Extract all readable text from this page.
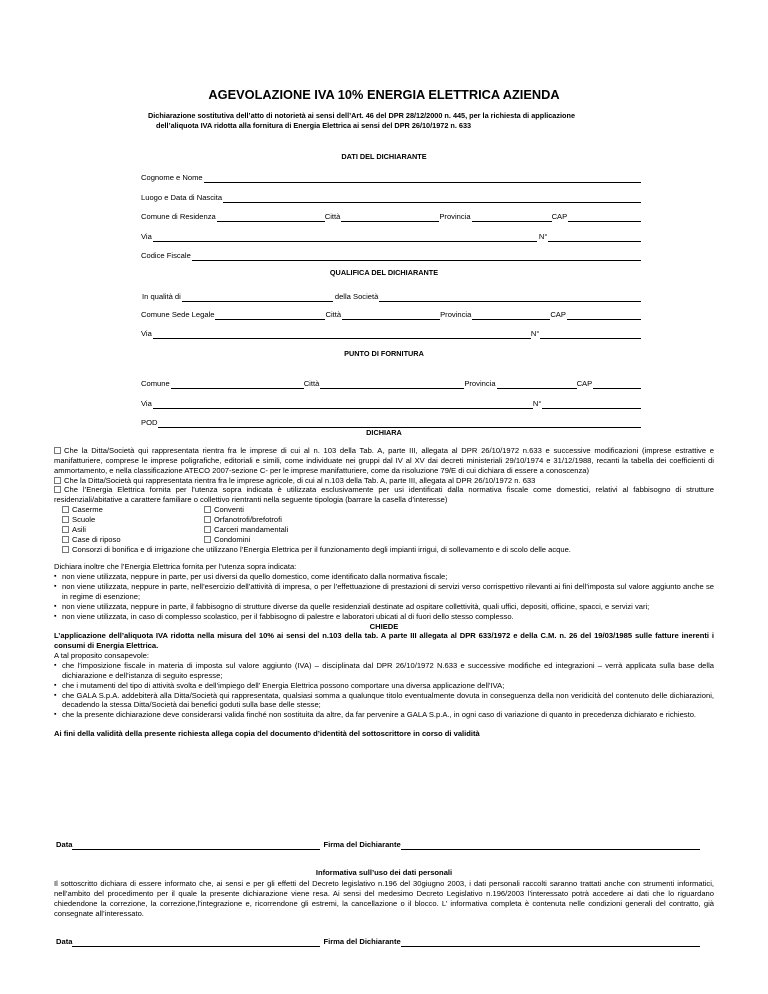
AGEVOLAZIONE IVA 10% ENERGIA ELETTRICA AZIENDA
Dichiarazione sostitutiva dell’atto di notorietà ai sensi dell’Art. 46 del DPR 28/12/2000 n. 445, per la richiesta di applicazione
dell’aliquota IVA ridotta alla fornitura di Energia Elettrica ai sensi del DPR 26/10/1972 n. 633
DATI DEL DICHIARANTE
Cognome e Nome
Luogo e Data di Nascita
Comune di Residenza	Città	Provincia	CAP
Via	N°
Codice Fiscale
QUALIFICA DEL DICHIARANTE
In qualità di	della Società
Comune Sede Legale	Città	Provincia	CAP
Via	N°
PUNTO DI FORNITURA
Comune	Città	Provincia	CAP
Via	N°
POD
DICHIARA

Che la Ditta/Società qui rappresentata rientra fra le imprese di cui al n. 103 della Tab. A, parte III, allegata al DPR 26/10/1972 n.633 e successive modificazioni (imprese estrattive e manifatturiere, comprese le imprese poligrafiche, editoriali e simili, come individuate nei gruppi dal IV al XV dai decreti ministeriali 29/10/1974 e 31/12/1988, recanti la tabella dei coefficienti di ammortamento, e nella classificazione ATECO 2007-sezione C- per le imprese manifatturiere, come da risoluzione 79/E di cui dichiara di essere a conoscenza)

Che la Ditta/Società qui rappresentata rientra fra le imprese agricole, di cui al n.103 della Tab. A, parte III, allegata al DPR 26/10/1972 n. 633

Che l’Energia Elettrica fornita per l’utenza sopra indicata è utilizzata esclusivamente per usi identificati dalla normativa fiscale come domestici, relativi al fabbisogno di strutture residenziali/abitative a carattere familiare o collettivo rientranti nella seguente tipologia (barrare la casella d’interesse)

Caserme	Conventi
Scuole	Orfanotrofi/brefotrofi
Asili	Carceri mandamentali
Case di riposo	Condomini
Consorzi di bonifica e di irrigazione che utilizzano l’Energia Elettrica per il funzionamento degli impianti irrigui, di sollevamento e di scolo delle acque.

Dichiara inoltre che l’Energia Elettrica fornita per l’utenza sopra indicata:

▪ non viene utilizzata, neppure in parte, per usi diversi da quello domestico, come identificato dalla normativa fiscale;
▪ non viene utilizzata, neppure in parte, nell’esercizio dell’attività di impresa, o per l’effettuazione di prestazioni di servizi verso corrispettivo rilevanti ai fini dell’imposta sul valore aggiunto anche se in regime di esenzione;
▪ non viene utilizzata, neppure in parte, il fabbisogno di strutture diverse da quelle residenziali destinate ad ospitare collettività, quali uffici, depositi, officine, spacci, e servizi vari;
▪ non viene utilizzata, in caso di complesso scolastico, per il fabbisogno di palestre e laboratori ubicati al di fuori dello stesso complesso.
CHIEDE

L’applicazione dell’aliquota IVA ridotta nella misura del 10% ai sensi del n.103 della tab. A parte III allegata al DPR 633/1972 e della C.M. n. 26 del 19/03/1985 sulle fatture inerenti i consumi di Energia Elettrica.

A tal proposito consapevole:

▪ che l’imposizione fiscale in materia di imposta sul valore aggiunto (IVA) – disciplinata dal DPR 26/10/1972 N.633 e successive modifiche ed integrazioni – verrà applicata sulla base della dichiarazione e dell’istanza di seguito espresse;
▪ che i mutamenti del tipo di attività svolta e dell’impiego dell’ Energia Elettrica possono comportare una diversa applicazione dell’IVA;
▪ che GALA S.p.A. addebiterà alla Ditta/Società qui rappresentata, qualsiasi somma a qualunque titolo eventualmente dovuta in conseguenza della non veridicità del contenuto delle dichiarazioni, decadendo la stessa Ditta/Società dai benefici goduti sulla base delle stesse;
▪ che la presente dichiarazione deve considerarsi valida finché non sostituita da altre, da far pervenire a GALA S.p.A., in ogni caso di variazione di quanto in precedenza dichiarato e richiesto.

Ai fini della validità della presente richiesta allega copia del documento d’identità del sottoscrittore in corso di validità

Data	Firma del Dichiarante
Informativa sull’uso dei dati personali

Il sottoscritto dichiara di essere informato che, ai sensi e per gli effetti del Decreto legislativo n.196 del 30giugno 2003, i dati personali raccolti saranno trattati anche con strumenti informatici, nell’ambito del procedimento per il quale la presente dichiarazione viene resa. Ai sensi del medesimo Decreto Legislativo n.196/2003 l’interessato potrà accedere ai dati che lo riguardano chiedendone la correzione, la correzione,l’integrazione e, ricorrendone gli estremi, la cancellazione o il blocco. L’ informativa completa è contenuta nelle condizioni generali del contratto, già consegnate all’interessato.

Data	Firma del Dichiarante
